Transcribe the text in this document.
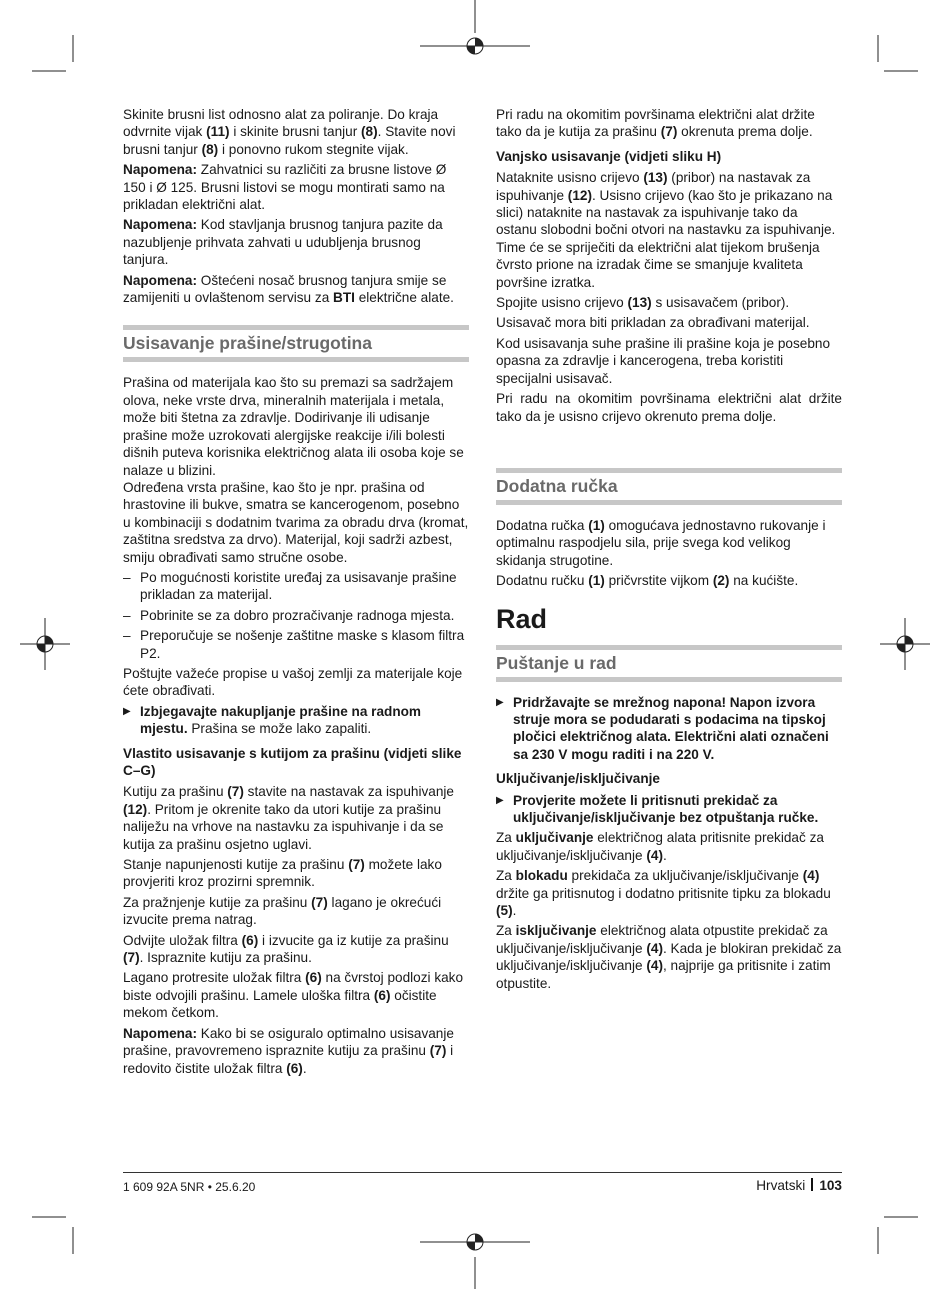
Skinite brusni list odnosno alat za poliranje. Do kraja odvrnite vijak (11) i skinite brusni tanjur (8). Stavite novi brusni tanjur (8) i ponovno rukom stegnite vijak.

Napomena: Zahvatnici su različiti za brusne listove Ø 150 i Ø 125. Brusni listovi se mogu montirati samo na prikladan električni alat.

Napomena: Kod stavljanja brusnog tanjura pazite da nazubljenje prihvata zahvati u udubljenja brusnog tanjura.

Napomena: Oštećeni nosač brusnog tanjura smije se zamijeniti u ovlaštenom servisu za BTI električne alate.

Usisavanje prašine/strugotina

Prašina od materijala kao što su premazi sa sadržajem olova, neke vrste drva, mineralnih materijala i metala, može biti štetna za zdravlje. Dodirivanje ili udisanje prašine može uzrokovati alergijske reakcije i/ili bolesti dišnih puteva korisnika električnog alata ili osoba koje se nalaze u blizini.

Određena vrsta prašine, kao što je npr. prašina od hrastovine ili bukve, smatra se kancerogenom, posebno u kombinaciji s dodatnim tvarima za obradu drva (kromat, zaštitna sredstva za drvo). Materijal, koji sadrži azbest, smiju obrađivati samo stručne osobe.

– Po mogućnosti koristite uređaj za usisavanje prašine prikladan za materijal.
– Pobrinite se za dobro prozračivanje radnoga mjesta.
– Preporučuje se nošenje zaštitne maske s klasom filtra P2.

Poštujte važeće propise u vašoj zemlji za materijale koje ćete obrađivati.

▶ Izbjegavajte nakupljanje prašine na radnom mjestu. Prašina se može lako zapaliti.

Vlastito usisavanje s kutijom za prašinu (vidjeti slike C–G)

Kutiju za prašinu (7) stavite na nastavak za ispuhivanje (12). Pritom je okrenite tako da utori kutije za prašinu naliježu na vrhove na nastavku za ispuhivanje i da se kutija za prašinu osjetno uglavi.

Stanje napunjenosti kutije za prašinu (7) možete lako provjeriti kroz prozirni spremnik.

Za pražnjenje kutije za prašinu (7) lagano je okrećući izvucite prema natrag.

Odvijte uložak filtra (6) i izvucite ga iz kutije za prašinu (7). Ispraznite kutiju za prašinu.

Lagano protresite uložak filtra (6) na čvrstoj podlozi kako biste odvojili prašinu. Lamele uloška filtra (6) očistite mekom četkom.

Napomena: Kako bi se osiguralo optimalno usisavanje prašine, pravovremeno ispraznite kutiju za prašinu (7) i redovito čistite uložak filtra (6).

Pri radu na okomitim površinama električni alat držite tako da je kutija za prašinu (7) okrenuta prema dolje.

Vanjsko usisavanje (vidjeti sliku H)

Nataknite usisno crijevo (13) (pribor) na nastavak za ispuhivanje (12). Usisno crijevo (kao što je prikazano na slici) nataknite na nastavak za ispuhivanje tako da ostanu slobodni bočni otvori na nastavku za ispuhivanje. Time će se spriječiti da električni alat tijekom brušenja čvrsto prione na izradak čime se smanjuje kvaliteta površine izratka.

Spojite usisno crijevo (13) s usisavačem (pribor).

Usisavač mora biti prikladan za obrađivani materijal.

Kod usisavanja suhe prašine ili prašine koja je posebno opasna za zdravlje i kancerogena, treba koristiti specijalni usisavač.

Pri radu na okomitim površinama električni alat držite tako da je usisno crijevo okrenuto prema dolje.

Dodatna ručka

Dodatna ručka (1) omogućava jednostavno rukovanje i optimalnu raspodjelu sila, prije svega kod velikog skidanja strugotine.

Dodatnu ručku (1) pričvrstite vijkom (2) na kućište.

Rad
Puštanje u rad
▶ Pridržavajte se mrežnog napona! Napon izvora struje mora se podudarati s podacima na tipskoj pločici električnog alata. Električni alati označeni sa 230 V mogu raditi i na 220 V.

Uključivanje/isključivanje

▶ Provjerite možete li pritisnuti prekidač za uključivanje/isključivanje bez otpuštanja ručke.

Za uključivanje električnog alata pritisnite prekidač za uključivanje/isključivanje (4).

Za blokadu prekidača za uključivanje/isključivanje (4) držite ga pritisnutog i dodatno pritisnite tipku za blokadu (5).

Za isključivanje električnog alata otpustite prekidač za uključivanje/isključivanje (4). Kada je blokiran prekidač za uključivanje/isključivanje (4), najprije ga pritisnite i zatim otpustite.

1 609 92A 5NR • 25.6.20	Hrvatski 103
